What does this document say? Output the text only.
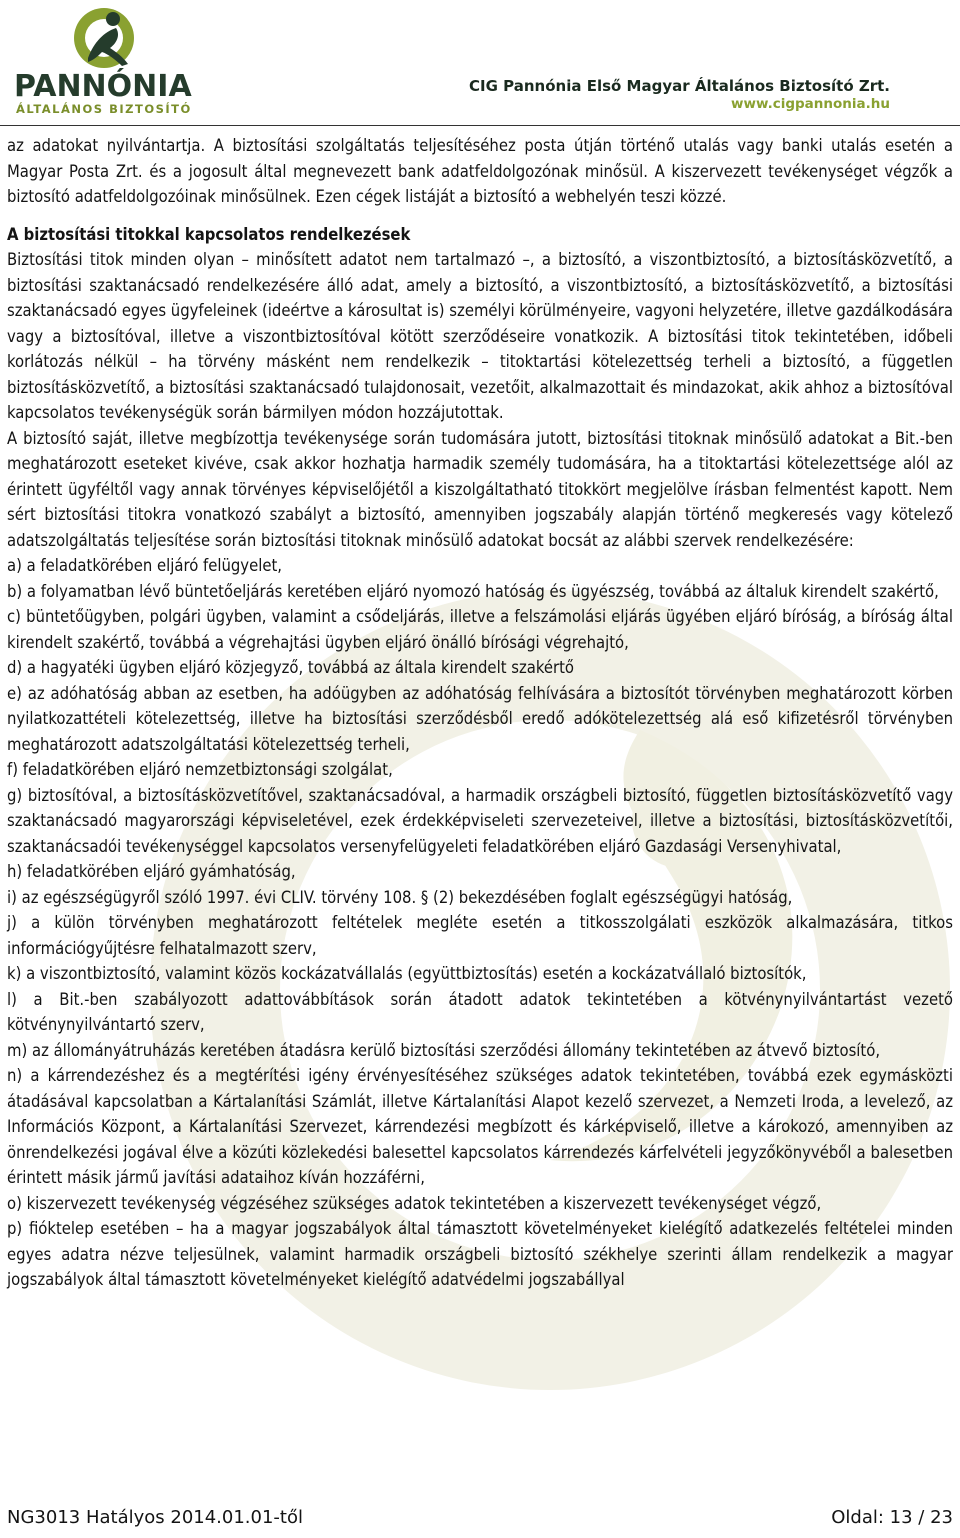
PANNÓNIA
ÁLTALÁNOS BIZTOSÍTÓ
CIG Pannónia Első Magyar Általános Biztosító Zrt.
www.cigpannonia.hu

az adatokat nyilvántartja. A biztosítási szolgáltatás teljesítéséhez posta útján történő utalás vagy banki utalás esetén a Magyar Posta Zrt. és a jogosult által megnevezett bank adatfeldolgozónak minősül. A kiszervezett tevékenységet végzők a biztosító adatfeldolgozóinak minősülnek. Ezen cégek listáját a biztosító a webhelyén teszi közzé.

A biztosítási titokkal kapcsolatos rendelkezések

Biztosítási titok minden olyan – minősített adatot nem tartalmazó –, a biztosító, a viszontbiztosító, a biztosításközvetítő, a biztosítási szaktanácsadó rendelkezésére álló adat, amely a biztosító, a viszontbiztosító, a biztosításközvetítő, a biztosítási szaktanácsadó egyes ügyfeleinek (ideértve a károsultat is) személyi körülményeire, vagyoni helyzetére, illetve gazdálkodására vagy a biztosítóval, illetve a viszontbiztosítóval kötött szerződéseire vonatkozik. A biztosítási titok tekintetében, időbeli korlátozás nélkül – ha törvény másként nem rendelkezik – titoktartási kötelezettség terheli a biztosító, a független biztosításközvetítő, a biztosítási szaktanácsadó tulajdonosait, vezetőit, alkalmazottait és mindazokat, akik ahhoz a biztosítóval kapcsolatos tevékenységük során bármilyen módon hozzájutottak.

A biztosító saját, illetve megbízottja tevékenysége során tudomására jutott, biztosítási titoknak minősülő adatokat a Bit.-ben meghatározott eseteket kivéve, csak akkor hozhatja harmadik személy tudomására, ha a titoktartási kötelezettsége alól az érintett ügyféltől vagy annak törvényes képviselőjétől a kiszolgáltatható titokkört megjelölve írásban felmentést kapott. Nem sért biztosítási titokra vonatkozó szabályt a biztosító, amennyiben jogszabály alapján történő megkeresés vagy kötelező adatszolgáltatás teljesítése során biztosítási titoknak minősülő adatokat bocsát az alábbi szervek rendelkezésére:

a) a feladatkörében eljáró felügyelet,

b) a folyamatban lévő büntetőeljárás keretében eljáró nyomozó hatóság és ügyészség, továbbá az általuk kirendelt szakértő,

c) büntetőügyben, polgári ügyben, valamint a csődeljárás, illetve a felszámolási eljárás ügyében eljáró bíróság, a bíróság által kirendelt szakértő, továbbá a végrehajtási ügyben eljáró önálló bírósági végrehajtó,

d) a hagyatéki ügyben eljáró közjegyző, továbbá az általa kirendelt szakértő

e) az adóhatóság abban az esetben, ha adóügyben az adóhatóság felhívására a biztosítót törvényben meghatározott körben nyilatkozattételi kötelezettség, illetve ha biztosítási szerződésből eredő adókötelezettség alá eső kifizetésről törvényben meghatározott adatszolgáltatási kötelezettség terheli,

f) feladatkörében eljáró nemzetbiztonsági szolgálat,

g) biztosítóval, a biztosításközvetítővel, szaktanácsadóval, a harmadik országbeli biztosító, független biztosításközvetítő vagy szaktanácsadó magyarországi képviseletével, ezek érdekképviseleti szervezeteivel, illetve a biztosítási, biztosításközvetítői, szaktanácsadói tevékenységgel kapcsolatos versenyfelügyeleti feladatkörében eljáró Gazdasági Versenyhivatal,

h) feladatkörében eljáró gyámhatóság,

i) az egészségügyről szóló 1997. évi CLIV. törvény 108. § (2) bekezdésében foglalt egészségügyi hatóság,

j) a külön törvényben meghatározott feltételek megléte esetén a titkosszolgálati eszközök alkalmazására, titkos információgyűjtésre felhatalmazott szerv,

k) a viszontbiztosító, valamint közös kockázatvállalás (együttbiztosítás) esetén a kockázatvállaló biztosítók,

l) a Bit.-ben szabályozott adattovábbítások során átadott adatok tekintetében a kötvénynyilvántartást vezető kötvénynyilvántartó szerv,

m) az állományátruházás keretében átadásra kerülő biztosítási szerződési állomány tekintetében az átvevő biztosító,

n) a kárrendezéshez és a megtérítési igény érvényesítéséhez szükséges adatok tekintetében, továbbá ezek egymásközti átadásával kapcsolatban a Kártalanítási Számlát, illetve Kártalanítási Alapot kezelő szervezet, a Nemzeti Iroda, a levelező, az Információs Központ, a Kártalanítási Szervezet, kárrendezési megbízott és kárképviselő, illetve a károkozó, amennyiben az önrendelkezési jogával élve a közúti közlekedési balesettel kapcsolatos kárrendezés kárfelvételi jegyzőkönyvéből a balesetben érintett másik jármű javítási adataihoz kíván hozzáférni,

o) kiszervezett tevékenység végzéséhez szükséges adatok tekintetében a kiszervezett tevékenységet végző,

p) fióktelep esetében – ha a magyar jogszabályok által támasztott követelményeket kielégítő adatkezelés feltételei minden egyes adatra nézve teljesülnek, valamint harmadik országbeli biztosító székhelye szerinti állam rendelkezik a magyar jogszabályok által támasztott követelményeket kielégítő adatvédelmi jogszabállyal

NG3013 Hatályos 2014.01.01-től	Oldal: 13 / 23
